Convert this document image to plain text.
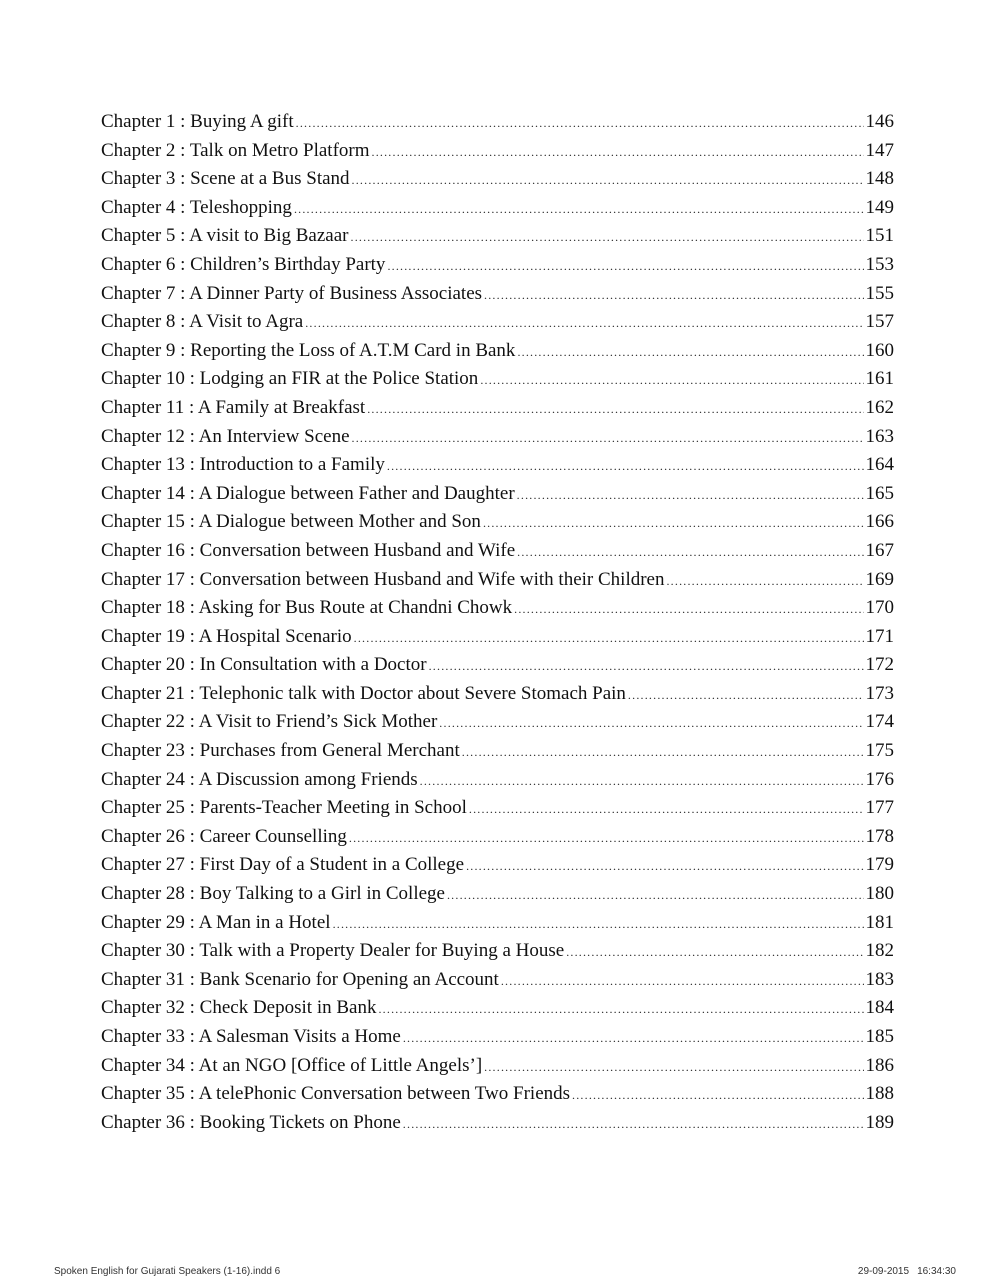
Chapter 1 : Buying A gift .....	146
Chapter 2 : Talk on Metro Platform .....	147
Chapter 3 : Scene at a Bus Stand .....	148
Chapter 4 : Teleshopping .....	149
Chapter 5 : A visit to Big Bazaar .....	151
Chapter 6 : Children’s Birthday Party .....	153
Chapter 7 : A Dinner Party of Business Associates .....	155
Chapter 8 : A Visit to Agra .....	157
Chapter 9 : Reporting the Loss of A.T.M Card in Bank .....	160
Chapter 10 : Lodging an FIR at the Police Station .....	161
Chapter 11 : A Family at Breakfast .....	162
Chapter 12 : An Interview Scene .....	163
Chapter 13 : Introduction to a Family .....	164
Chapter 14 : A Dialogue between Father and Daughter .....	165
Chapter 15 : A Dialogue between Mother and Son .....	166
Chapter 16 : Conversation between Husband and Wife .....	167
Chapter 17 : Conversation between Husband and Wife with their Children .....	169
Chapter 18 : Asking for Bus Route at Chandni Chowk .....	170
Chapter 19 : A Hospital Scenario .....	171
Chapter 20 : In Consultation with a Doctor .....	172
Chapter 21 : Telephonic talk with Doctor about Severe Stomach Pain .....	173
Chapter 22 : A Visit to Friend’s Sick Mother .....	174
Chapter 23 : Purchases from General Merchant .....	175
Chapter 24 : A Discussion among Friends .....	176
Chapter 25 : Parents-Teacher Meeting in School .....	177
Chapter 26 : Career Counselling .....	178
Chapter 27 : First Day of a Student in a College .....	179
Chapter 28 : Boy Talking to a Girl in College .....	180
Chapter 29 : A Man in a Hotel .....	181
Chapter 30 : Talk with a Property Dealer for Buying a House .....	182
Chapter 31 : Bank Scenario for Opening an Account .....	183
Chapter 32 : Check Deposit in Bank .....	184
Chapter 33 : A Salesman Visits a Home .....	185
Chapter 34 : At an NGO [Office of Little Angels’] .....	186
Chapter 35 : A telePhonic Conversation between Two Friends .....	188
Chapter 36 : Booking Tickets on Phone .....	189
Spoken English for Gujarati Speakers (1-16).indd 6	29-09-2015 16:34:30
